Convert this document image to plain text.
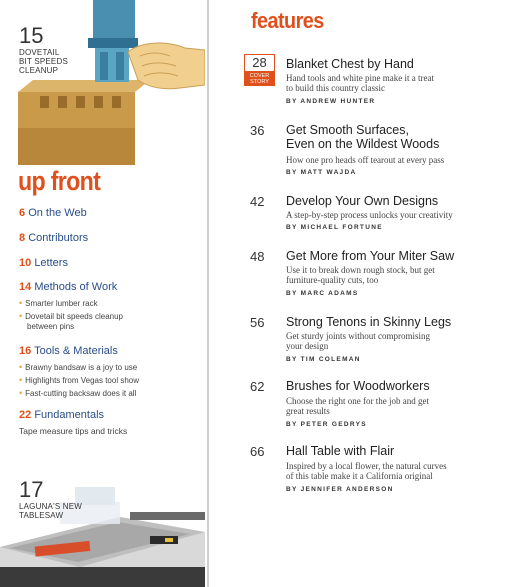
15
DOVETAIL
BIT SPEEDS
CLEANUP
up front
6 On the Web
8 Contributors
10 Letters
14 Methods of Work
• Smarter lumber rack
• Dovetail bit speeds cleanup
between pins
16 Tools & Materials
• Brawny bandsaw is a joy to use
• Highlights from Vegas tool show
• Fast-cutting backsaw does it all
22 Fundamentals
Tape measure tips and tricks
17
LAGUNA'S NEW
TABLESAW
features
28
COVER
STORY
Blanket Chest by Hand
Hand tools and white pine make it a treat
to build this country classic
BY ANDREW HUNTER
36 Get Smooth Surfaces,
Even on the Wildest Woods
How one pro heads off tearout at every pass
BY MATT WAJDA
42 Develop Your Own Designs
A step-by-step process unlocks your creativity
BY MICHAEL FORTUNE
48 Get More from Your Miter Saw
Use it to break down rough stock, but get
furniture-quality cuts, too
BY MARC ADAMS
56 Strong Tenons in Skinny Legs
Get sturdy joints without compromising
your design
BY TIM COLEMAN
62 Brushes for Woodworkers
Choose the right one for the job and get
great results
BY PETER GEDRYS
66 Hall Table with Flair
Inspired by a local flower, the natural curves
of this table make it a California original
BY JENNIFER ANDERSON
